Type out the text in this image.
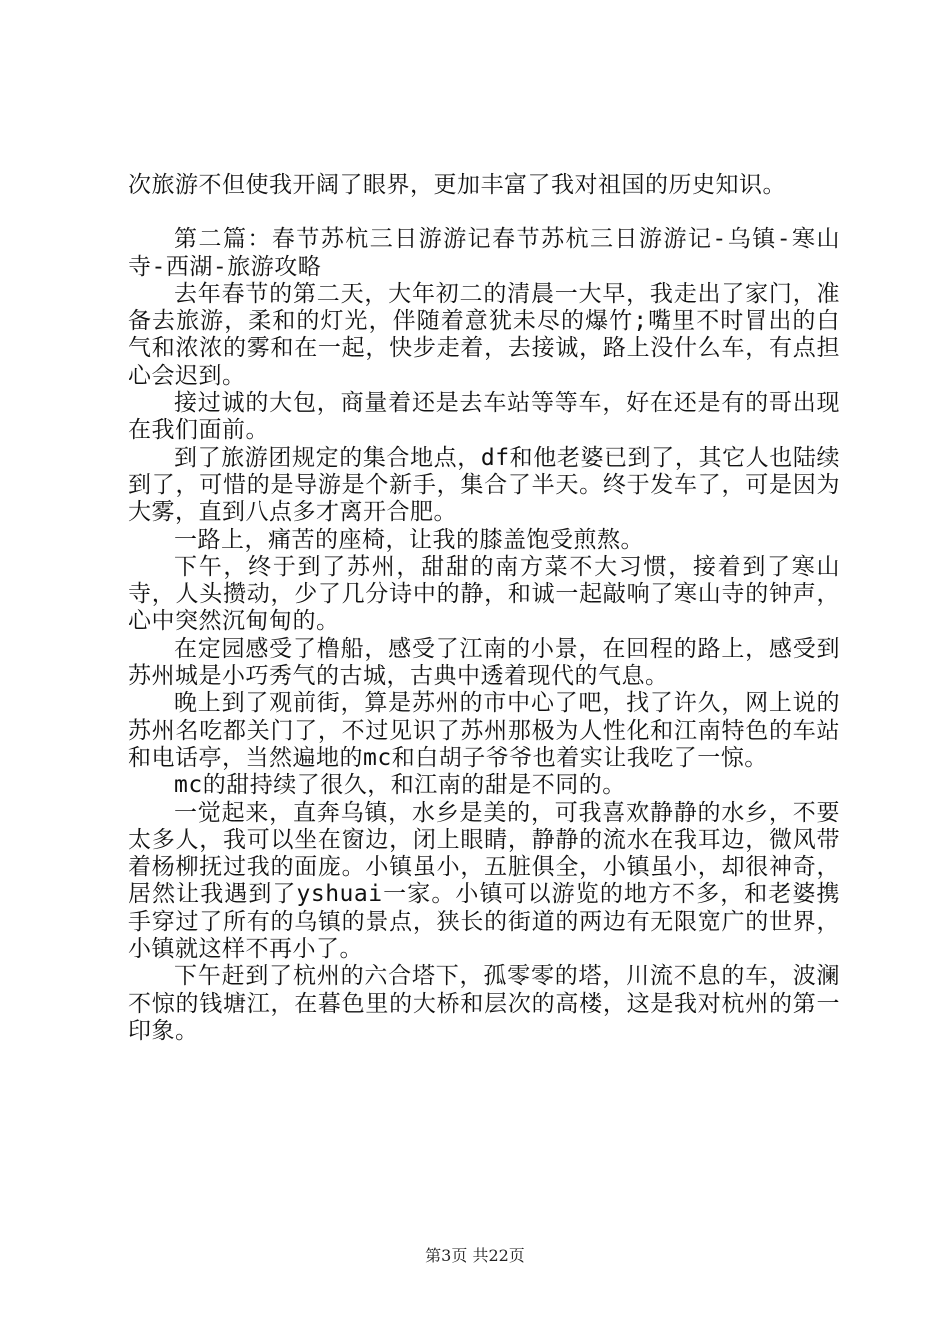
次旅游不但使我开阔了眼界，更加丰富了我对祖国的历史知识。

第二篇：春节苏杭三日游游记春节苏杭三日游游记-乌镇-寒山寺-西湖-旅游攻略

去年春节的第二天，大年初二的清晨一大早，我走出了家门，准备去旅游，柔和的灯光，伴随着意犹未尽的爆竹;嘴里不时冒出的白气和浓浓的雾和在一起，快步走着，去接诚，路上没什么车，有点担心会迟到。

接过诚的大包，商量着还是去车站等等车，好在还是有的哥出现在我们面前。

到了旅游团规定的集合地点，df和他老婆已到了，其它人也陆续到了，可惜的是导游是个新手，集合了半天。终于发车了，可是因为大雾，直到八点多才离开合肥。

一路上，痛苦的座椅，让我的膝盖饱受煎熬。

下午，终于到了苏州，甜甜的南方菜不大习惯，接着到了寒山寺，人头攒动，少了几分诗中的静，和诚一起敲响了寒山寺的钟声，心中突然沉甸甸的。

在定园感受了橹船，感受了江南的小景，在回程的路上，感受到苏州城是小巧秀气的古城，古典中透着现代的气息。

晚上到了观前街，算是苏州的市中心了吧，找了许久，网上说的苏州名吃都关门了，不过见识了苏州那极为人性化和江南特色的车站和电话亭，当然遍地的mc和白胡子爷爷也着实让我吃了一惊。

mc的甜持续了很久，和江南的甜是不同的。

一觉起来，直奔乌镇，水乡是美的，可我喜欢静静的水乡，不要太多人，我可以坐在窗边，闭上眼睛，静静的流水在我耳边，微风带着杨柳抚过我的面庞。小镇虽小，五脏俱全，小镇虽小，却很神奇，居然让我遇到了yshuai一家。小镇可以游览的地方不多，和老婆携手穿过了所有的乌镇的景点，狭长的街道的两边有无限宽广的世界，小镇就这样不再小了。

下午赶到了杭州的六合塔下，孤零零的塔，川流不息的车，波澜不惊的钱塘江，在暮色里的大桥和层次的高楼，这是我对杭州的第一印象。

第3页 共22页
